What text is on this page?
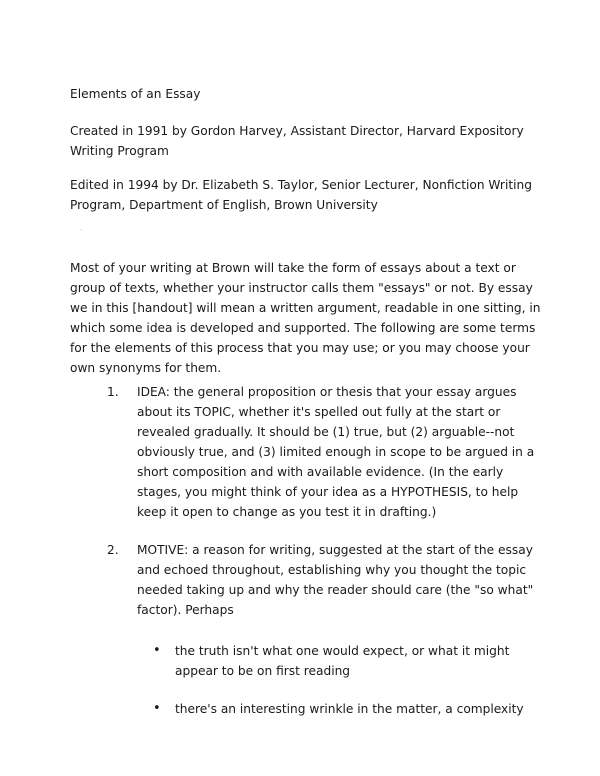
Elements of an Essay

Created in 1991 by Gordon Harvey, Assistant Director, Harvard Expository Writing Program

Edited in 1994 by Dr. Elizabeth S. Taylor, Senior Lecturer, Nonfiction Writing Program, Department of English, Brown University

Most of your writing at Brown will take the form of essays about a text or group of texts, whether your instructor calls them "essays" or not. By essay we in this [handout] will mean a written argument, readable in one sitting, in which some idea is developed and supported. The following are some terms for the elements of this process that you may use; or you may choose your own synonyms for them.

1. IDEA: the general proposition or thesis that your essay argues about its TOPIC, whether it's spelled out fully at the start or revealed gradually. It should be (1) true, but (2) arguable--not obviously true, and (3) limited enough in scope to be argued in a short composition and with available evidence. (In the early stages, you might think of your idea as a HYPOTHESIS, to help keep it open to change as you test it in drafting.)
2. MOTIVE: a reason for writing, suggested at the start of the essay and echoed throughout, establishing why you thought the topic needed taking up and why the reader should care (the "so what" factor). Perhaps
• the truth isn't what one would expect, or what it might appear to be on first reading
• there's an interesting wrinkle in the matter, a complexity
